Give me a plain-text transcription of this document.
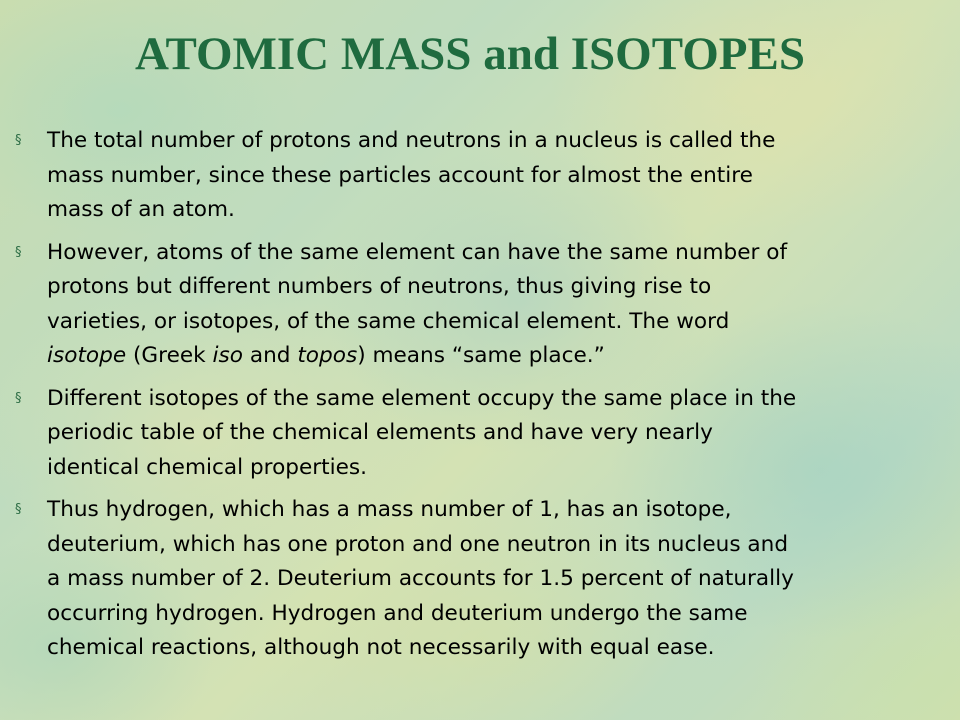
ATOMIC MASS and ISOTOPES
§ The total number of protons and neutrons in a nucleus is called the
mass number, since these particles account for almost the entire
mass of an atom.
§ However, atoms of the same element can have the same number of
protons but different numbers of neutrons, thus giving rise to
varieties, or isotopes, of the same chemical element. The word
isotope (Greek iso and topos) means “same place.”
§ Different isotopes of the same element occupy the same place in the
periodic table of the chemical elements and have very nearly
identical chemical properties.
§ Thus hydrogen, which has a mass number of 1, has an isotope,
deuterium, which has one proton and one neutron in its nucleus and
a mass number of 2. Deuterium accounts for 1.5 percent of naturally
occurring hydrogen. Hydrogen and deuterium undergo the same
chemical reactions, although not necessarily with equal ease.
